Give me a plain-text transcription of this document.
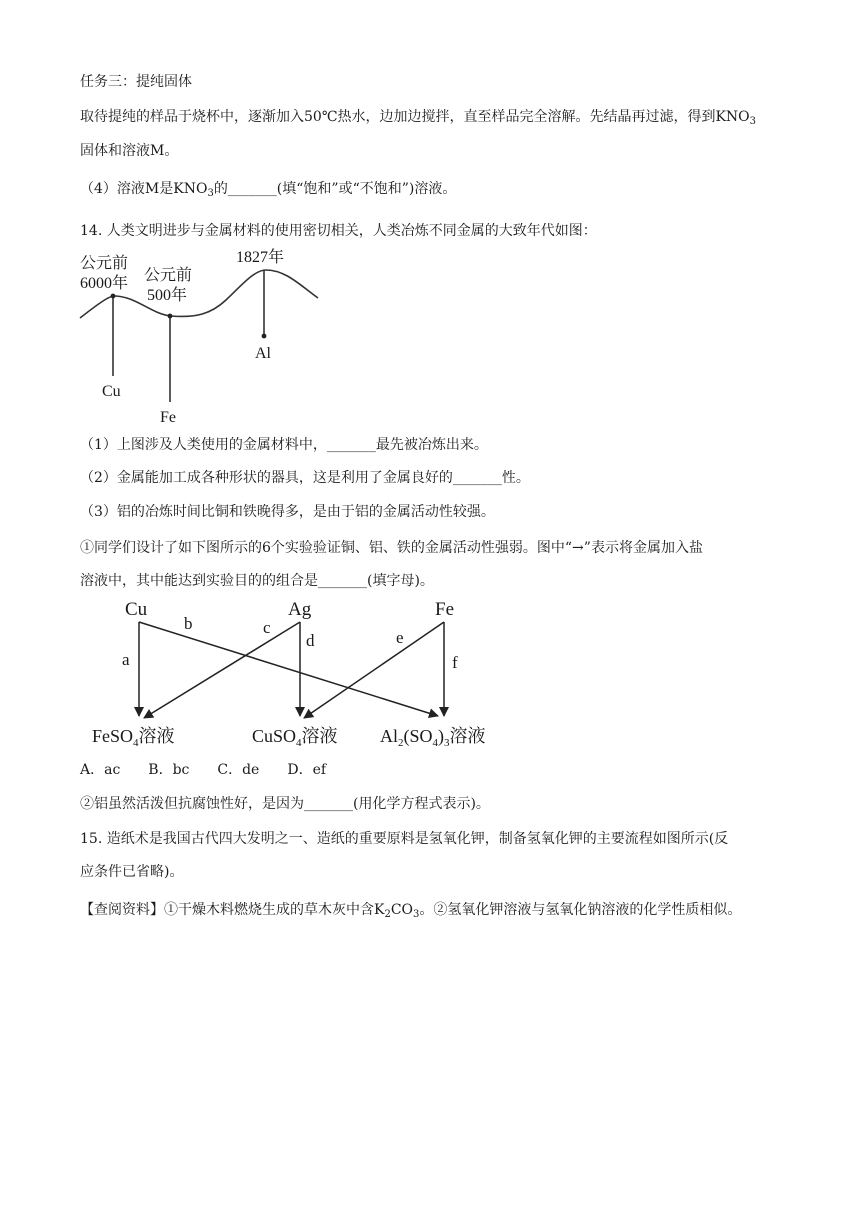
任务三：提纯固体
取待提纯的样品于烧杯中，逐渐加入50℃热水，边加边搅拌，直至样品完全溶解。先结晶再过滤，得到$KNO_3$
固体和溶液M。
（4）溶液M是$KNO_3$的_______(填“饱和”或“不饱和”)溶液。
14. 人类文明进步与金属材料的使用密切相关，人类冶炼不同金属的大致年代如图：
公元前
6000年 公元前
500年
1827年
Cu
Fe
Al
（1）上图涉及人类使用的金属材料中，_______最先被冶炼出来。
（2）金属能加工成各种形状的器具，这是利用了金属良好的_______性。
（3）铝的冶炼时间比铜和铁晚得多，是由于铝的金属活动性较强。
①同学们设计了如下图所示的6个实验验证铜、铝、铁的金属活动性强弱。图中“→”表示将金属加入盐
溶液中，其中能达到实验目的的组合是_______(填字母)。
Cu	Ag	Fe
a
b	c
d	e
f
FeSO$_4$溶液	CuSO$_4$溶液 $Al_2(SO_4)_3$溶液
A．ac　　B．bc　　C．de　　D．ef
②铝虽然活泼但抗腐蚀性好，是因为_______(用化学方程式表示)。
15. 造纸术是我国古代四大发明之一、造纸的重要原料是氢氧化钾，制备氢氧化钾的主要流程如图所示(反
应条件已省略)。
【查阅资料】①干燥木料燃烧生成的草木灰中含$K_2CO_3$。②氢氧化钾溶液与氢氧化钠溶液的化学性质相似。
